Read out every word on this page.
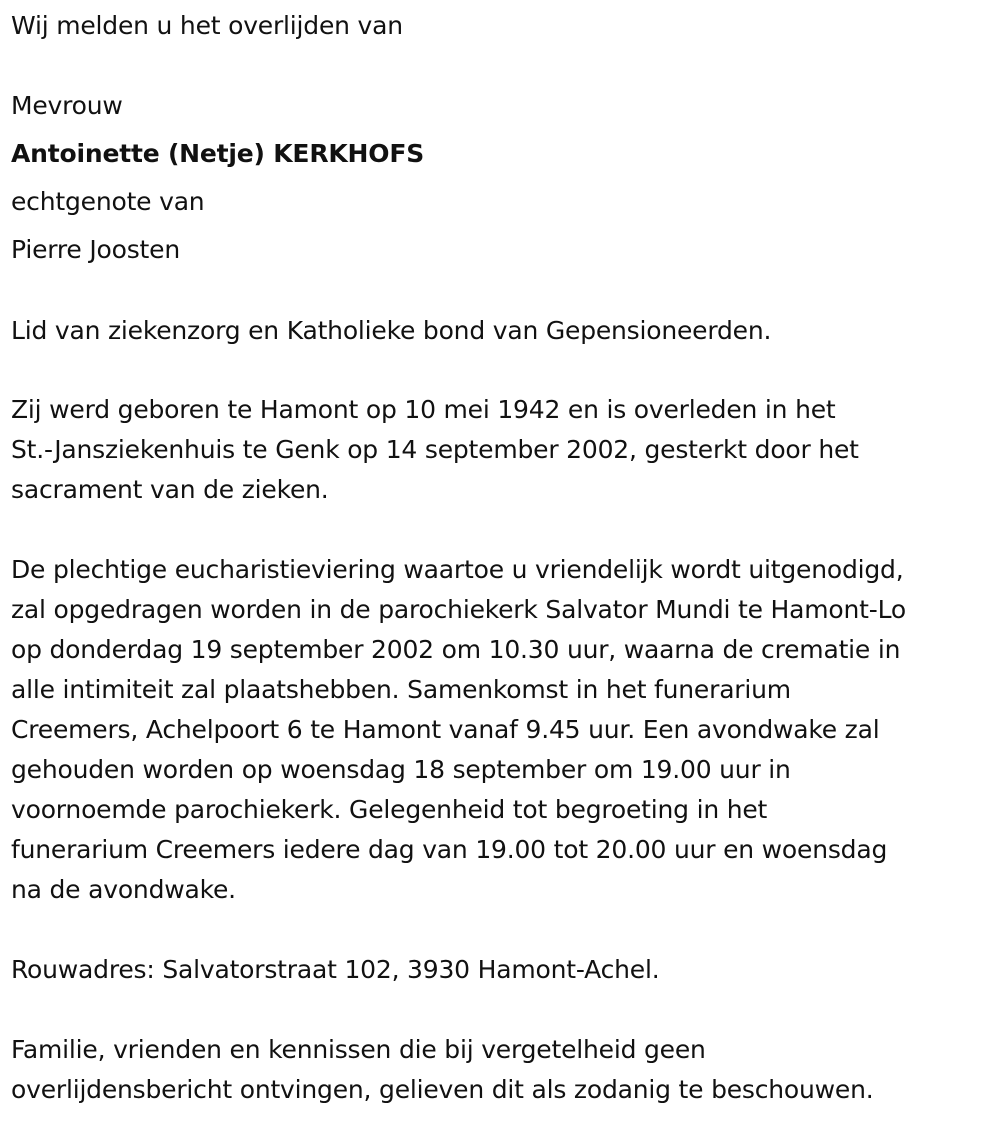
Wij melden u het overlijden van
Mevrouw
Antoinette (Netje) KERKHOFS
echtgenote van
Pierre Joosten
Lid van ziekenzorg en Katholieke bond van Gepensioneerden.
Zij werd geboren te Hamont op 10 mei 1942 en is overleden in het
St.-Jansziekenhuis te Genk op 14 september 2002, gesterkt door het
sacrament van de zieken.
De plechtige eucharistieviering waartoe u vriendelijk wordt uitgenodigd,
zal opgedragen worden in de parochiekerk Salvator Mundi te Hamont-Lo
op donderdag 19 september 2002 om 10.30 uur, waarna de crematie in
alle intimiteit zal plaatshebben. Samenkomst in het funerarium
Creemers, Achelpoort 6 te Hamont vanaf 9.45 uur. Een avondwake zal
gehouden worden op woensdag 18 september om 19.00 uur in
voornoemde parochiekerk. Gelegenheid tot begroeting in het
funerarium Creemers iedere dag van 19.00 tot 20.00 uur en woensdag
na de avondwake.
Rouwadres: Salvatorstraat 102, 3930 Hamont-Achel.
Familie, vrienden en kennissen die bij vergetelheid geen
overlijdensbericht ontvingen, gelieven dit als zodanig te beschouwen.
